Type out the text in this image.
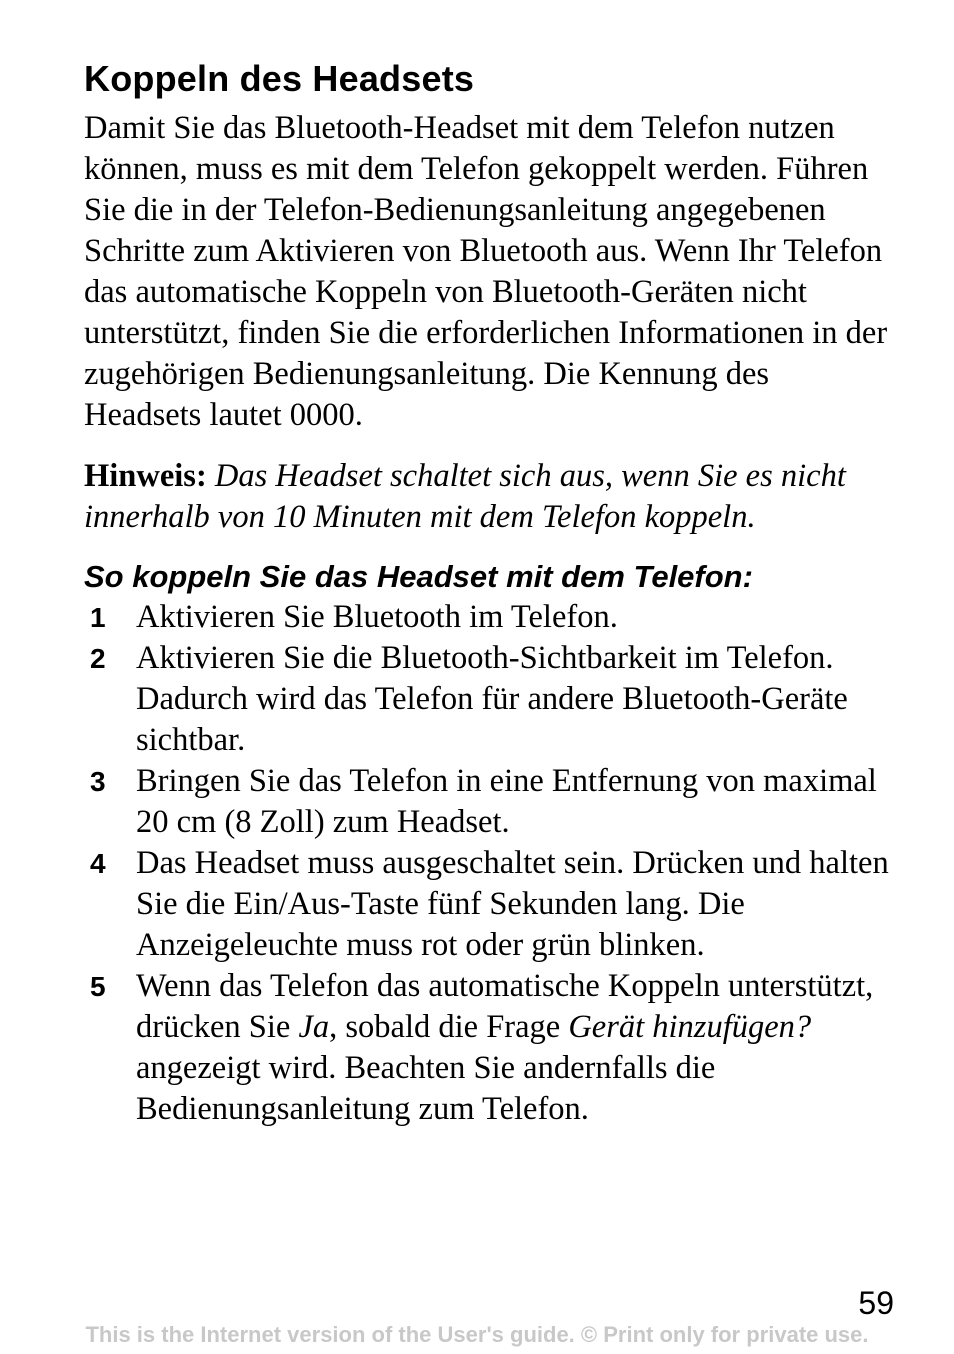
Koppeln des Headsets

Damit Sie das Bluetooth-Headset mit dem Telefon nutzen können, muss es mit dem Telefon gekoppelt werden. Führen Sie die in der Telefon-Bedienungsanleitung angegebenen Schritte zum Aktivieren von Bluetooth aus. Wenn Ihr Telefon das automatische Koppeln von Bluetooth-Geräten nicht unterstützt, finden Sie die erforderlichen Informationen in der zugehörigen Bedienungsanleitung. Die Kennung des Headsets lautet 0000.

Hinweis: Das Headset schaltet sich aus, wenn Sie es nicht innerhalb von 10 Minuten mit dem Telefon koppeln.

So koppeln Sie das Headset mit dem Telefon:
1 Aktivieren Sie Bluetooth im Telefon.
2 Aktivieren Sie die Bluetooth-Sichtbarkeit im Telefon. Dadurch wird das Telefon für andere Bluetooth-Geräte sichtbar.
3 Bringen Sie das Telefon in eine Entfernung von maximal 20 cm (8 Zoll) zum Headset.
4 Das Headset muss ausgeschaltet sein. Drücken und halten Sie die Ein/Aus-Taste fünf Sekunden lang. Die Anzeigeleuchte muss rot oder grün blinken.
5 Wenn das Telefon das automatische Koppeln unterstützt, drücken Sie Ja, sobald die Frage Gerät hinzufügen? angezeigt wird. Beachten Sie andernfalls die Bedienungsanleitung zum Telefon.
59
This is the Internet version of the User's guide. © Print only for private use.
